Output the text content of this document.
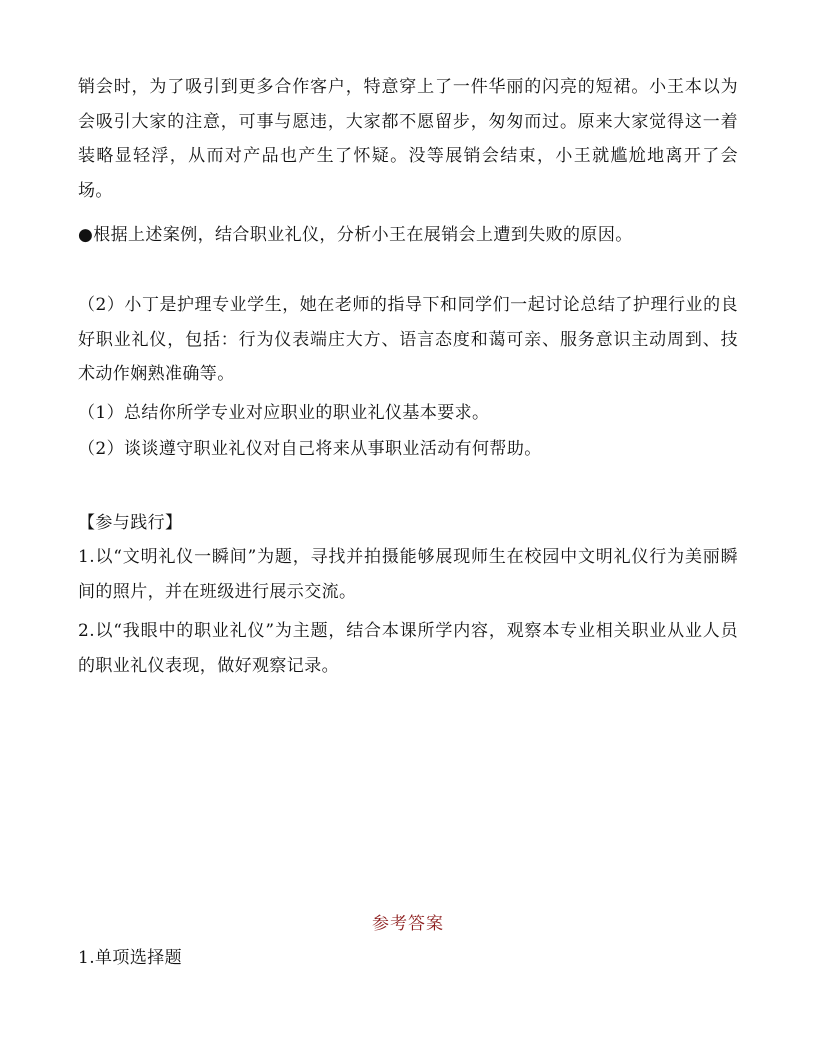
销会时，为了吸引到更多合作客户，特意穿上了一件华丽的闪亮的短裙。小王本以为会吸引大家的注意，可事与愿违，大家都不愿留步，匆匆而过。原来大家觉得这一着装略显轻浮，从而对产品也产生了怀疑。没等展销会结束，小王就尴尬地离开了会场。

●根据上述案例，结合职业礼仪，分析小王在展销会上遭到失败的原因。

（2）小丁是护理专业学生，她在老师的指导下和同学们一起讨论总结了护理行业的良好职业礼仪，包括：行为仪表端庄大方、语言态度和蔼可亲、服务意识主动周到、技术动作娴熟准确等。

（1）总结你所学专业对应职业的职业礼仪基本要求。

（2）谈谈遵守职业礼仪对自己将来从事职业活动有何帮助。

【参与践行】

1.以“文明礼仪一瞬间”为题，寻找并拍摄能够展现师生在校园中文明礼仪行为美丽瞬间的照片，并在班级进行展示交流。

2.以“我眼中的职业礼仪”为主题，结合本课所学内容，观察本专业相关职业从业人员的职业礼仪表现，做好观察记录。

参考答案

1.单项选择题
